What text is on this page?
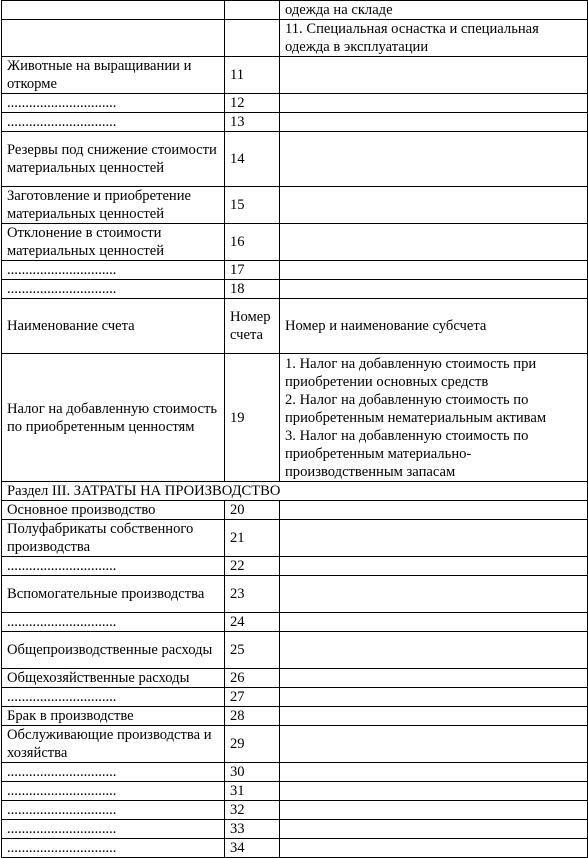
		одежда на складе
		11. Специальная оснастка и специальная одежда в эксплуатации
Животные на выращивании и откорме	11	
..............................	12	
..............................	13	
Резервы под снижение стоимости материальных ценностей	14	
Заготовление и приобретение материальных ценностей	15	
Отклонение в стоимости материальных ценностей	16	
..............................	17	
..............................	18	
Наименование счета	Номер счета	Номер и наименование субсчета
Налог на добавленную стоимость по приобретенным ценностям	19	1. Налог на добавленную стоимость при приобретении основных средств
2. Налог на добавленную стоимость по приобретенным нематериальным активам
3. Налог на добавленную стоимость по приобретенным материально-производственным запасам

Раздел III. ЗАТРАТЫ НА ПРОИЗВОДСТВО		
Основное производство	20	
Полуфабрикаты собственного производства	21	
..............................	22	
Вспомогательные производства	23	
..............................	24	
Общепроизводственные расходы	25	
Общехозяйственные расходы	26	
..............................	27	
Брак в производстве	28	
Обслуживающие производства и хозяйства	29	
..............................	30	
..............................	31	
..............................	32	
..............................	33	
..............................	34	
